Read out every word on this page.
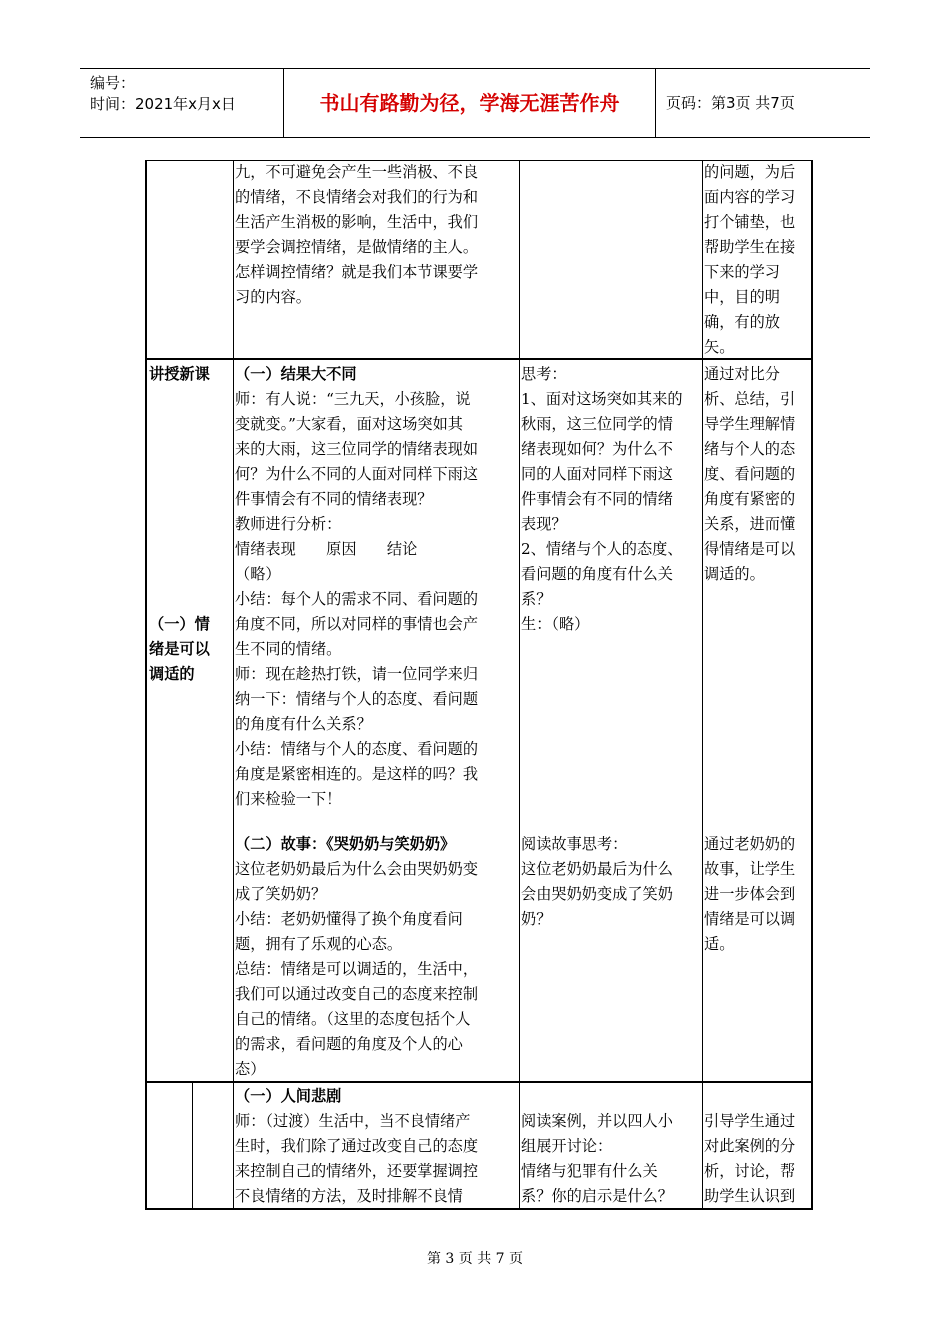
编号：
时间：2021年x月x日	书山有路勤为径，学海无涯苦作舟	页码：第3页 共7页

九，不可避免会产生一些消极、不良

的情绪，不良情绪会对我们的行为和

生活产生消极的影响，生活中，我们

要学会调控情绪，是做情绪的主人。

怎样调控情绪？就是我们本节课要学

习的内容。

的问题，为后

面内容的学习

打个铺垫，也

帮助学生在接

下来的学习

中，目的明

确，有的放

矢。

讲授新课

（一）情

绪是可以

调适的

（一）结果大不同

师：有人说：“三九天，小孩脸，说

变就变。”大家看，面对这场突如其

来的大雨，这三位同学的情绪表现如

何？为什么不同的人面对同样下雨这

件事情会有不同的情绪表现？

教师进行分析：

情绪表现　　原因　　结论

（略）

小结：每个人的需求不同、看问题的

角度不同，所以对同样的事情也会产

生不同的情绪。

师：现在趁热打铁，请一位同学来归

纳一下：情绪与个人的态度、看问题

的角度有什么关系？

小结：情绪与个人的态度、看问题的

角度是紧密相连的。是这样的吗？我

们来检验一下！

（二）故事：《哭奶奶与笑奶奶》

这位老奶奶最后为什么会由哭奶奶变

成了笑奶奶？

小结：老奶奶懂得了换个角度看问

题，拥有了乐观的心态。

总结：情绪是可以调适的，生活中，

我们可以通过改变自己的态度来控制

自己的情绪。（这里的态度包括个人

的需求，看问题的角度及个人的心

态）

思考：

1、面对这场突如其来的

秋雨，这三位同学的情

绪表现如何？为什么不

同的人面对同样下雨这

件事情会有不同的情绪

表现？

2、情绪与个人的态度、

看问题的角度有什么关

系？

生：（略）

阅读故事思考：

这位老奶奶最后为什么

会由哭奶奶变成了笑奶

奶？

通过对比分

析、总结，引

导学生理解情

绪与个人的态

度、看问题的

角度有紧密的

关系，进而懂

得情绪是可以

调适的。

通过老奶奶的

故事，让学生

进一步体会到

情绪是可以调

适。

（一）人间悲剧

师：（过渡）生活中，当不良情绪产

生时，我们除了通过改变自己的态度

来控制自己的情绪外，还要掌握调控

不良情绪的方法，及时排解不良情

阅读案例，并以四人小

组展开讨论：

情绪与犯罪有什么关

系？你的启示是什么？

引导学生通过

对此案例的分

析，讨论，帮

助学生认识到

第 3 页 共 7 页
